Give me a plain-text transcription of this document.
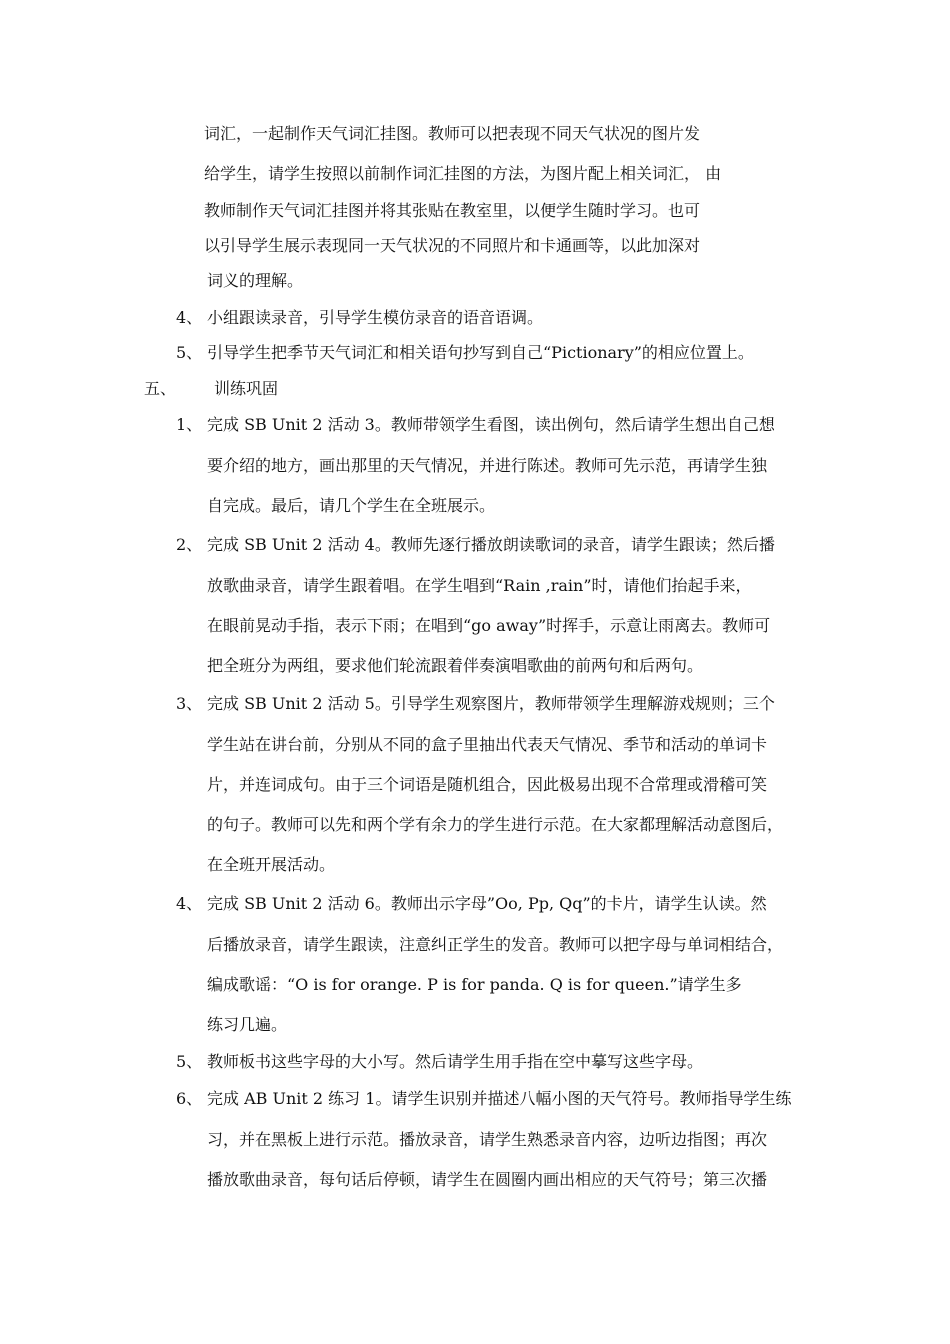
词汇，一起制作天气词汇挂图。教师可以把表现不同天气状况的图片发
给学生，请学生按照以前制作词汇挂图的方法，为图片配上相关词汇， 由
教师制作天气词汇挂图并将其张贴在教室里，以便学生随时学习。也可
以引导学生展示表现同一天气状况的不同照片和卡通画等，以此加深对
词义的理解。
4、 小组跟读录音，引导学生模仿录音的语音语调。
5、 引导学生把季节天气词汇和相关语句抄写到自己“Pictionary”的相应位置上。
五、 训练巩固
1、 完成 SB Unit 2 活动 3。教师带领学生看图，读出例句，然后请学生想出自己想
要介绍的地方，画出那里的天气情况，并进行陈述。教师可先示范，再请学生独
自完成。最后，请几个学生在全班展示。
2、 完成 SB Unit 2 活动 4。教师先逐行播放朗读歌词的录音，请学生跟读；然后播
放歌曲录音，请学生跟着唱。在学生唱到“Rain ,rain”时，请他们抬起手来，
在眼前晃动手指，表示下雨；在唱到“go away”时挥手，示意让雨离去。教师可
把全班分为两组，要求他们轮流跟着伴奏演唱歌曲的前两句和后两句。
3、 完成 SB Unit 2 活动 5。引导学生观察图片，教师带领学生理解游戏规则；三个
学生站在讲台前，分别从不同的盒子里抽出代表天气情况、季节和活动的单词卡
片，并连词成句。由于三个词语是随机组合，因此极易出现不合常理或滑稽可笑
的句子。教师可以先和两个学有余力的学生进行示范。在大家都理解活动意图后，
在全班开展活动。
4、 完成 SB Unit 2 活动 6。教师出示字母”Oo, Pp, Qq”的卡片，请学生认读。然
后播放录音，请学生跟读，注意纠正学生的发音。教师可以把字母与单词相结合，
编成歌谣：“O is for orange. P is for panda. Q is for queen.”请学生多
练习几遍。
5、 教师板书这些字母的大小写。然后请学生用手指在空中摹写这些字母。
6、 完成 AB Unit 2 练习 1。请学生识别并描述八幅小图的天气符号。教师指导学生练
习，并在黑板上进行示范。播放录音，请学生熟悉录音内容，边听边指图；再次
播放歌曲录音，每句话后停顿，请学生在圆圈内画出相应的天气符号；第三次播
